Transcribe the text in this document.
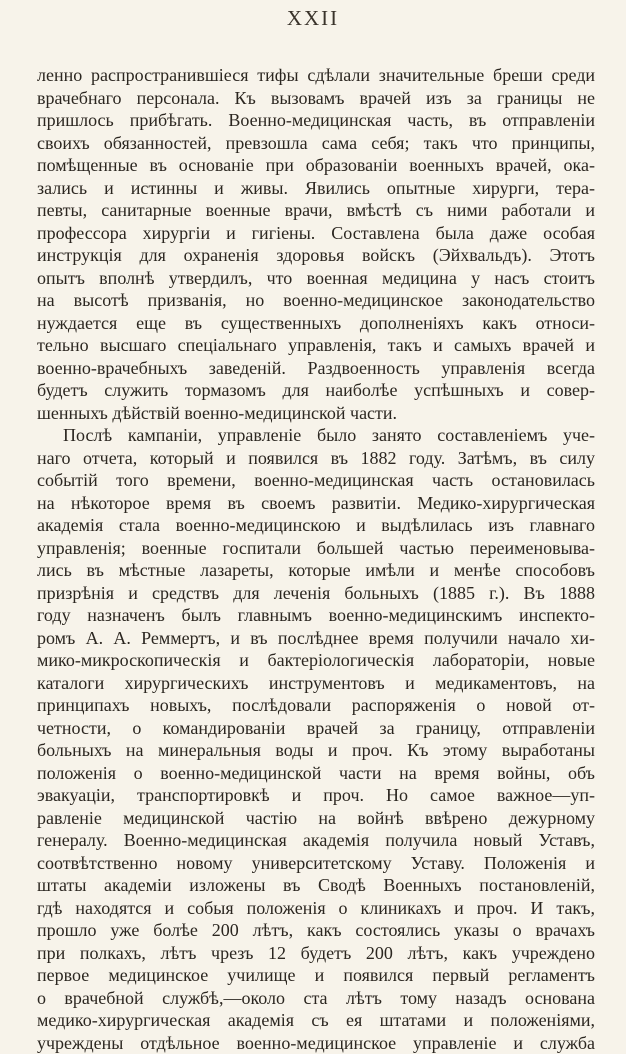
XXII
ленно распространившіеся тифы сдѣлали значительные бреши среди
врачебнаго персонала. Къ вызовамъ врачей изъ за границы не
пришлось прибѣгать. Военно-медицинская часть, въ отправленіи
своихъ обязанностей, превзошла сама себя; такъ что принципы,
помѣщенные въ основаніе при образованіи военныхъ врачей, ока-
зались и истинны и живы. Явились опытные хирурги, тера-
певты, санитарные военные врачи, вмѣстѣ съ ними работали и
профессора хирургіи и гигіены. Составлена была даже особая
инструкція для охраненія здоровья войскъ (Эйхвальдъ). Этотъ
опытъ вполнѣ утвердилъ, что военная медицина у насъ стоитъ
на высотѣ призванія, но военно-медицинское законодательство
нуждается еще въ существенныхъ дополненіяхъ какъ относи-
тельно высшаго спеціальнаго управленія, такъ и самыхъ врачей и
военно-врачебныхъ заведеній. Раздвоенность управленія всегда
будетъ служить тормазомъ для наиболѣе успѣшныхъ и совер-
шенныхъ дѣйствій военно-медицинской части.
Послѣ кампаніи, управленіе было занято составленіемъ уче-
наго отчета, который и появился въ 1882 году. Затѣмъ, въ силу
событій того времени, военно-медицинская часть остановилась
на нѣкоторое время въ своемъ развитіи. Медико-хирургическая
академія стала военно-медицинскою и выдѣлилась изъ главнаго
управленія; военные госпитали большей частью переименовыва-
лись въ мѣстные лазареты, которые имѣли и менѣе способовъ
призрѣнія и средствъ для леченія больныхъ (1885 г.). Въ 1888
году назначенъ былъ главнымъ военно-медицинскимъ инспекто-
ромъ А. А. Реммертъ, и въ послѣднее время получили начало хи-
мико-микроскопическія и бактеріологическія лабораторіи, новые
каталоги хирургическихъ инструментовъ и медикаментовъ, на
принципахъ новыхъ, послѣдовали распоряженія о новой от-
четности, о командированіи врачей за границу, отправленіи
больныхъ на минеральныя воды и проч. Къ этому выработаны
положенія о военно-медицинской части на время войны, объ
эвакуаціи, транспортировкѣ и проч. Но самое важное—уп-
равленіе медицинской частію на войнѣ ввѣрено дежурному
генералу. Военно-медицинская академія получила новый Уставъ,
соотвѣтственно новому университетскому Уставу. Положенія и
штаты академіи изложены въ Сводѣ Военныхъ постановленій,
гдѣ находятся и собыя положенія о клиникахъ и проч. И такъ,
прошло уже болѣе 200 лѣтъ, какъ состоялись указы о врачахъ
при полкахъ, лѣтъ чрезъ 12 будетъ 200 лѣтъ, какъ учреждено
первое медицинское училище и появился первый регламентъ
о врачебной службѣ,—около ста лѣтъ тому назадъ основана
медико-хирургическая академія съ ея штатами и положеніями,
учреждены отдѣльное военно-медицинское управленіе и служба
